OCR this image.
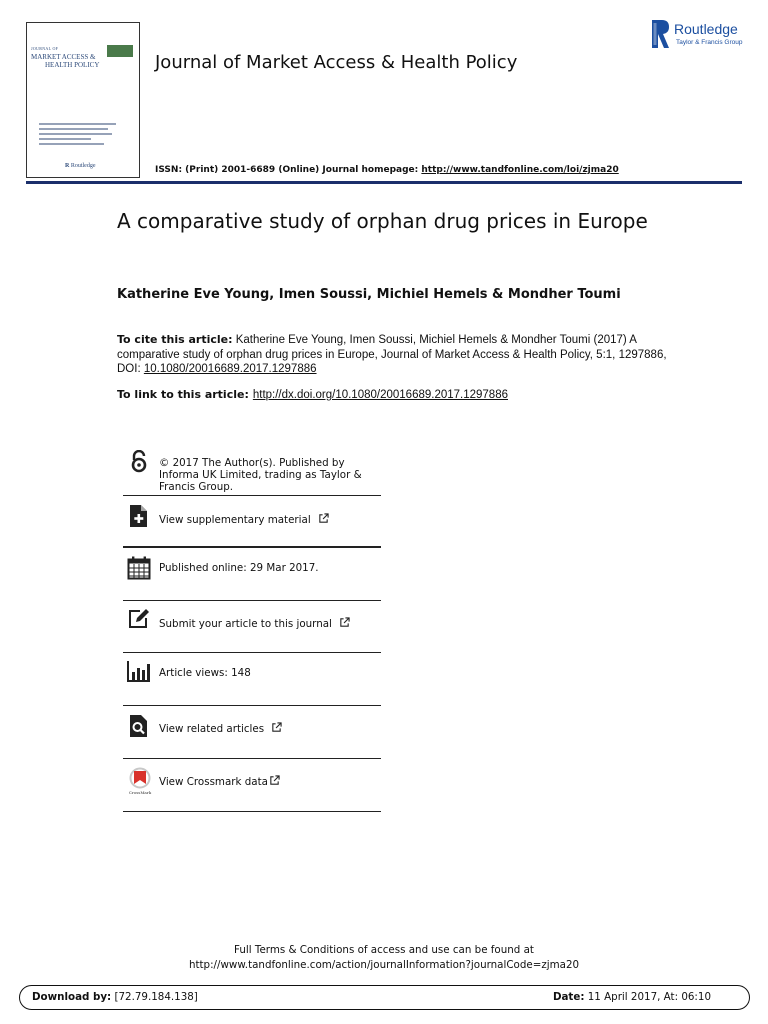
JOURNAL OF
MARKET ACCESS &
HEALTH POLICY
R Routledge
Journal of Market Access & Health Policy
ISSN: (Print) 2001-6689 (Online) Journal homepage: http://www.tandfonline.com/loi/zjma20
Routledge
Taylor & Francis Group
A comparative study of orphan drug prices in Europe
Katherine Eve Young, Imen Soussi, Michiel Hemels & Mondher Toumi
To cite this article: Katherine Eve Young, Imen Soussi, Michiel Hemels & Mondher Toumi (2017) A comparative study of orphan drug prices in Europe, Journal of Market Access & Health Policy, 5:1, 1297886, DOI: 10.1080/20016689.2017.1297886
To link to this article: http://dx.doi.org/10.1080/20016689.2017.1297886
© 2017 The Author(s). Published by Informa UK Limited, trading as Taylor & Francis Group.
View supplementary material
Published online: 29 Mar 2017.
Submit your article to this journal
Article views: 148
View related articles
CrossMark
View Crossmark data
Full Terms & Conditions of access and use can be found at
http://www.tandfonline.com/action/journalInformation?journalCode=zjma20
Download by: [72.79.184.138]	Date: 11 April 2017, At: 06:10
